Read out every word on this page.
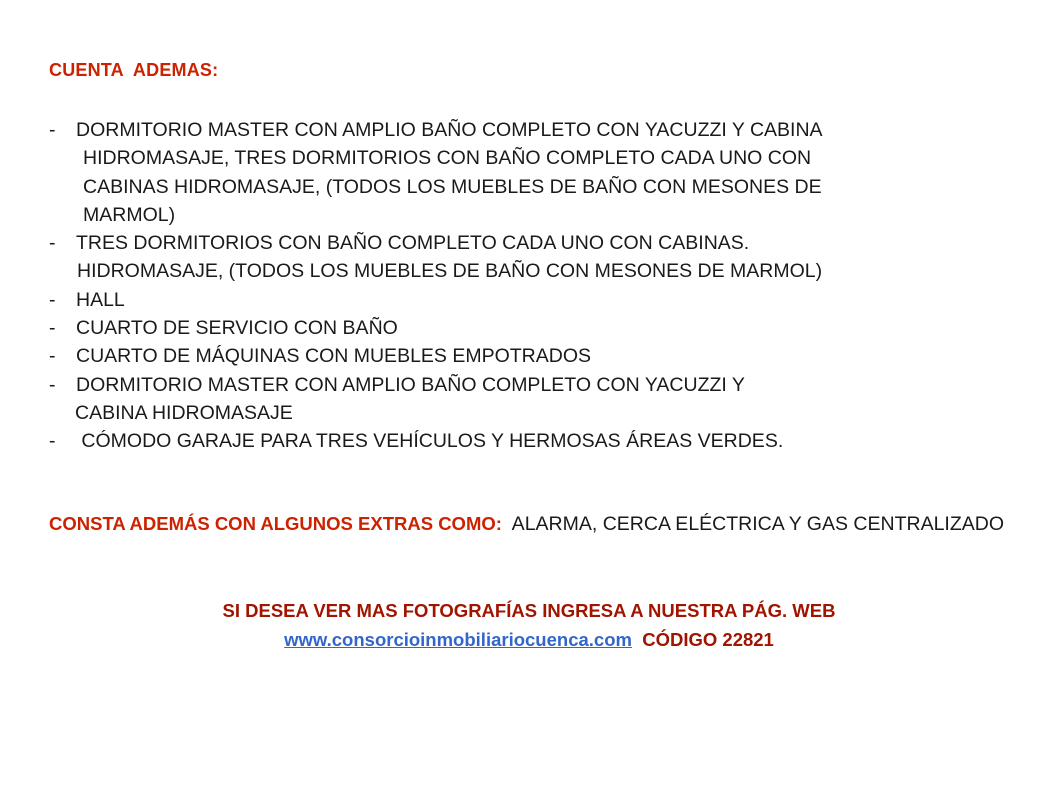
CUENTA  ADEMAS:
-	DORMITORIO MASTER CON AMPLIO BAÑO COMPLETO CON YACUZZI Y CABINA
HIDROMASAJE, TRES DORMITORIOS CON BAÑO COMPLETO CADA UNO CON
CABINAS HIDROMASAJE, (TODOS LOS MUEBLES DE BAÑO CON MESONES DE
MARMOL)
-	TRES DORMITORIOS CON BAÑO COMPLETO CADA UNO CON CABINAS.
HIDROMASAJE, (TODOS LOS MUEBLES DE BAÑO CON MESONES DE MARMOL)
-	HALL
-	CUARTO DE SERVICIO CON BAÑO
-	CUARTO DE MÁQUINAS CON MUEBLES EMPOTRADOS
-	DORMITORIO MASTER CON AMPLIO BAÑO COMPLETO CON YACUZZI Y
CABINA HIDROMASAJE
-	CÓMODO GARAJE PARA TRES VEHÍCULOS Y HERMOSAS ÁREAS VERDES.
CONSTA ADEMÁS CON ALGUNOS EXTRAS COMO:  ALARMA, CERCA ELÉCTRICA Y GAS CENTRALIZADO
SI DESEA VER MAS FOTOGRAFÍAS INGRESA A NUESTRA PÁG. WEB
www.consorcioinmobiliariocuenca.com  CÓDIGO 22821
